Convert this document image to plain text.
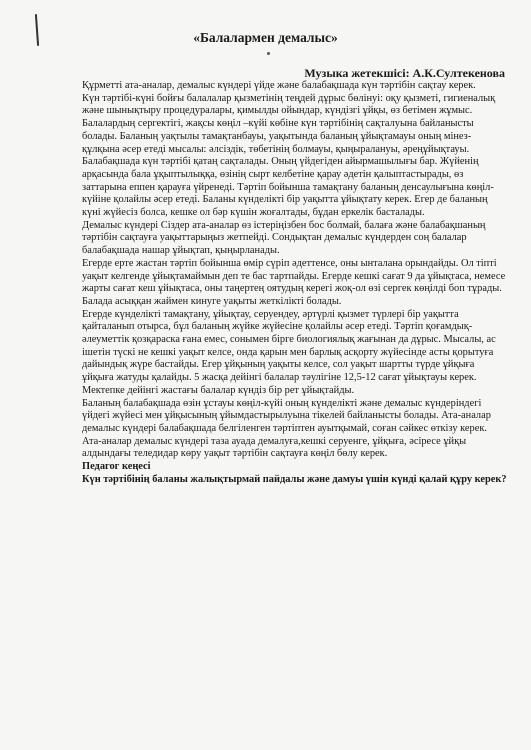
«Балалармен демалыс»
Музыка жетекшісі: А.К.Султекенова

Құрметті ата-аналар, демалыс күндері үйде және балабақшада күн тәртібін сақтау керек.

Күн тәртібі-күні бойғы балалалар қызметінің теңдей дұрыс бөлінуі: оқу қызметі, гигиеналық және шынықтыру процедуралары, қимылды ойындар, күндізгі ұйқы, өз бетімен жұмыс.

Балалардың сергектігі, жақсы көңіл –күйі көбіне күн тәртібінің сақталуына байланысты болады. Баланың уақтылы тамақтанбауы, уақытында баланың ұйықтамауы оның мінез-құлқына әсер етеді мысалы: әлсіздік, төбетінің болмауы, қыңыралануы, әреңұйықтауы.

Балабақшада күн тәртібі қатаң сақталады. Оның үйдегіден айырмашылығы бар. Жүйенің арқасында бала ұқыптылыққа, өзінің сырт келбетіне қарау әдетін қалыптастырады, өз заттарына еппен қарауға үйренеді. Тәртіп бойынша тамақтану баланың денсаулығына көңіл-күйіне қолайлы әсер етеді. Баланы күнделікті бір уақытта ұйықтату керек. Егер де баланың күні жүйесіз болса, кешке ол бәр күшін жоғалтады, бұдан еркелік басталады.

Демалыс күндері Сіздер ата-аналар өз істеріңізбен бос болмай, балаға және балабақшаның тәртібін сақтауға уақыттарыңыз жетпейді. Сондықтан демалыс күндерден соң балалар балабақшада нашар ұйықтап, қыңырланады.

Егерде ерте жастан тәртіп бойынша өмір сүріп әдеттенсе, оны ынталана орындайды. Ол тіпті уақыт келгенде ұйықтамаймын деп те бас тартпайды. Егерде кешкі сағат 9 да ұйықтаса, немесе жарты сағат кеш ұйықтаса, оны таңертең оятудың керегі жоқ-ол өзі сергек көңілді боп тұрады. Балада асыққан жаймен кинуге уақыты жеткілікті болады.

Егерде күнделікті тамақтану, ұйықтау, серуендеу, әртүрлі қызмет түрлері бір уақытта қайталанып отырса, бұл баланың жүйке жүйесіне қолайлы әсер етеді. Тәртіп қоғамдық-әлеуметтік қозқараска ғана емес, сонымен бірге биологиялық жағынан да дұрыс. Мысалы, ас ішетін түскі не кешкі уақыт келсе, онда қарын мен барлық асқорту жүйесінде асты қорытуға дайындық жүре бастайды. Егер ұйқының уақыты келсе, сол уақыт шартты түрде ұйқыға ұйқыға жатуды қалайды. 5 жасқа дейінгі балалар тәулігіне 12,5-12 сағат ұйықтауы керек. Мектепке дейінгі жастағы балалар күндіз бір рет ұйықтайды.

Баланың балабақшада өзін ұстауы көңіл-күйі оның күнделікті және демалыс күндеріндегі үйдегі жүйесі мен ұйқысының ұйымдастырылуына тікелей байланысты болады. Ата-аналар демалыс күндері балабақшада белгіленген тәртіптен ауытқымай, соған сәйкес өткізу керек. Ата-аналар демалыс күндері таза ауада демалуға,кешкі серуенге, ұйқыға, әсіресе ұйқы алдындағы теледидар көру уақыт тәртібін сақтауға көңіл бөлу керек.

Педагог кеңесі

Күн тәртібінің баланы жалықтырмай пайдалы және дамуы үшін күнді қалай құру керек?
